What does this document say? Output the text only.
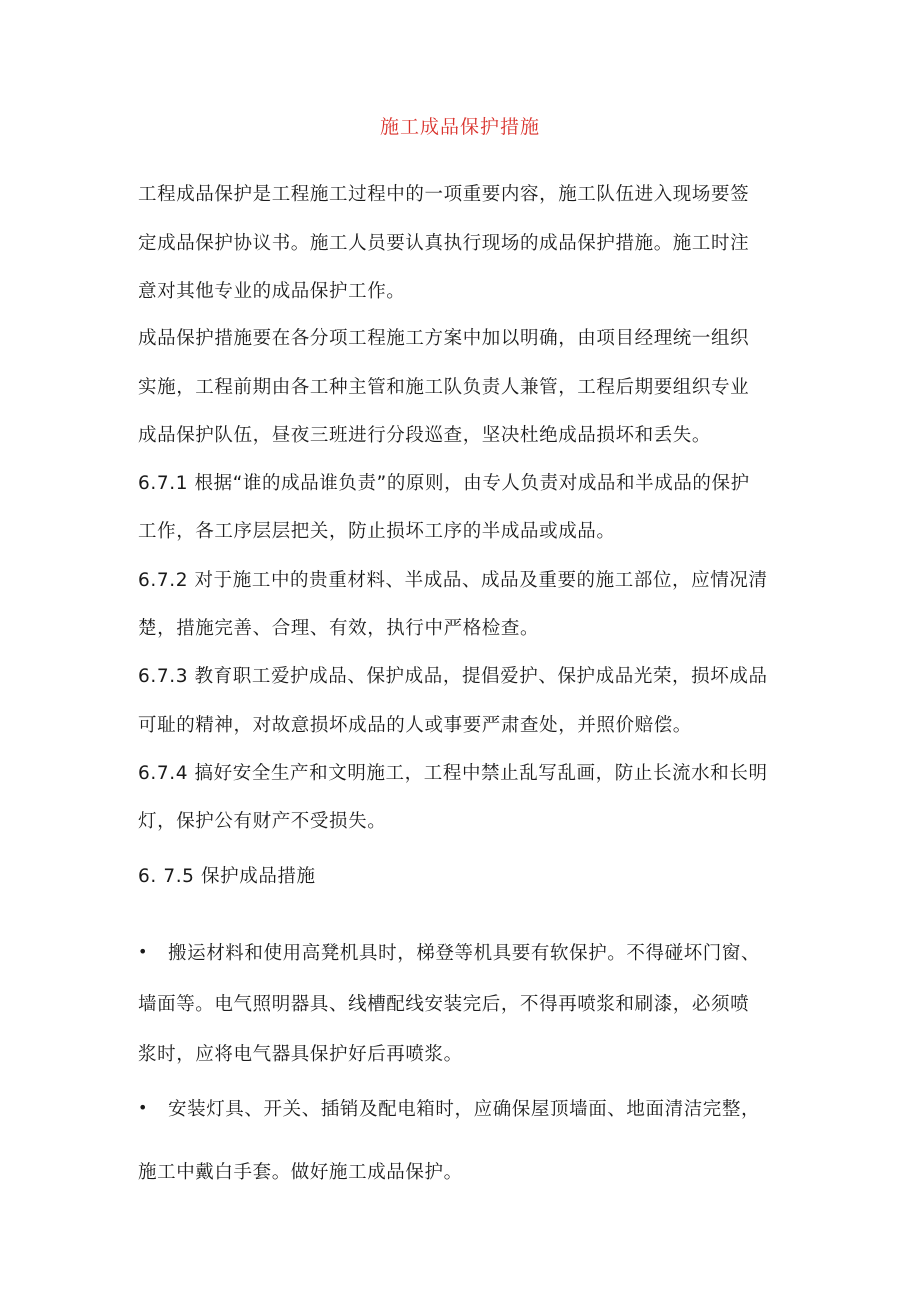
施工成品保护措施
工程成品保护是工程施工过程中的一项重要内容，施工队伍进入现场要签
定成品保护协议书。施工人员要认真执行现场的成品保护措施。施工时注
意对其他专业的成品保护工作。
成品保护措施要在各分项工程施工方案中加以明确，由项目经理统一组织
实施，工程前期由各工种主管和施工队负责人兼管，工程后期要组织专业
成品保护队伍，昼夜三班进行分段巡查，坚决杜绝成品损坏和丢失。
6.7.1 根据“谁的成品谁负责”的原则，由专人负责对成品和半成品的保护
工作，各工序层层把关，防止损坏工序的半成品或成品。
6.7.2 对于施工中的贵重材料、半成品、成品及重要的施工部位，应情况清
楚，措施完善、合理、有效，执行中严格检查。
6.7.3 教育职工爱护成品、保护成品，提倡爱护、保护成品光荣，损坏成品
可耻的精神，对故意损坏成品的人或事要严肃查处，并照价赔偿。
6.7.4 搞好安全生产和文明施工，工程中禁止乱写乱画，防止长流水和长明
灯，保护公有财产不受损失。
6. 7.5 保护成品措施
• 搬运材料和使用高凳机具时，梯登等机具要有软保护。不得碰坏门窗、
墙面等。电气照明器具、线槽配线安装完后，不得再喷浆和刷漆，必须喷
浆时，应将电气器具保护好后再喷浆。
• 安装灯具、开关、插销及配电箱时，应确保屋顶墙面、地面清洁完整，
施工中戴白手套。做好施工成品保护。
